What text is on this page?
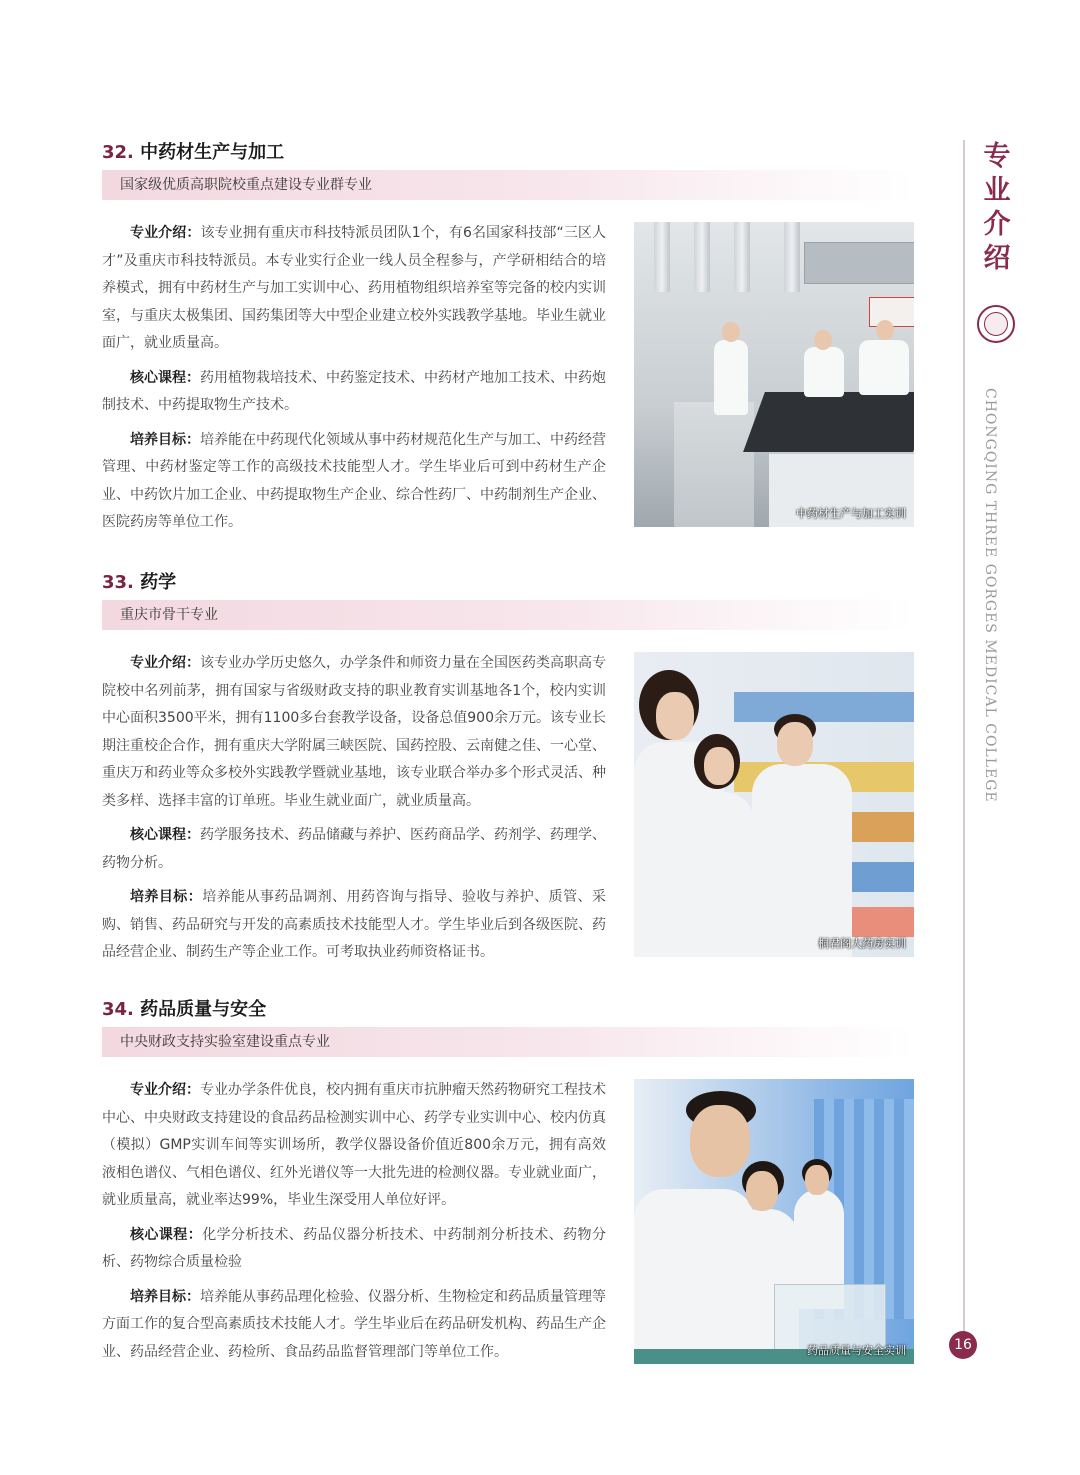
专
业
介
绍
CHONGQING THREE GORGES MEDICAL COLLEGE
16
32. 中药材生产与加工
国家级优质高职院校重点建设专业群专业

专业介绍：该专业拥有重庆市科技特派员团队1个，有6名国家科技部“三区人才”及重庆市科技特派员。本专业实行企业一线人员全程参与，产学研相结合的培养模式，拥有中药材生产与加工实训中心、药用植物组织培养室等完备的校内实训室，与重庆太极集团、国药集团等大中型企业建立校外实践教学基地。毕业生就业面广，就业质量高。

核心课程：药用植物栽培技术、中药鉴定技术、中药材产地加工技术、中药炮制技术、中药提取物生产技术。

培养目标：培养能在中药现代化领域从事中药材规范化生产与加工、中药经营管理、中药材鉴定等工作的高级技术技能型人才。学生毕业后可到中药材生产企业、中药饮片加工企业、中药提取物生产企业、综合性药厂、中药制剂生产企业、医院药房等单位工作。

中药材生产与加工实训
33. 药学
重庆市骨干专业

专业介绍：该专业办学历史悠久，办学条件和师资力量在全国医药类高职高专院校中名列前茅，拥有国家与省级财政支持的职业教育实训基地各1个，校内实训中心面积3500平米，拥有1100多台套教学设备，设备总值900余万元。该专业长期注重校企合作，拥有重庆大学附属三峡医院、国药控股、云南健之佳、一心堂、重庆万和药业等众多校外实践教学暨就业基地，该专业联合举办多个形式灵活、种类多样、选择丰富的订单班。毕业生就业面广，就业质量高。

核心课程：药学服务技术、药品储藏与养护、医药商品学、药剂学、药理学、药物分析。

培养目标：培养能从事药品调剂、用药咨询与指导、验收与养护、质管、采购、销售、药品研究与开发的高素质技术技能型人才。学生毕业后到各级医院、药品经营企业、制药生产等企业工作。可考取执业药师资格证书。

桐君阁大药房实训
34. 药品质量与安全
中央财政支持实验室建设重点专业

专业介绍：专业办学条件优良，校内拥有重庆市抗肿瘤天然药物研究工程技术中心、中央财政支持建设的食品药品检测实训中心、药学专业实训中心、校内仿真（模拟）GMP实训车间等实训场所，教学仪器设备价值近800余万元，拥有高效液相色谱仪、气相色谱仪、红外光谱仪等一大批先进的检测仪器。专业就业面广，就业质量高，就业率达99%，毕业生深受用人单位好评。

核心课程：化学分析技术、药品仪器分析技术、中药制剂分析技术、药物分析、药物综合质量检验

培养目标：培养能从事药品理化检验、仪器分析、生物检定和药品质量管理等方面工作的复合型高素质技术技能人才。学生毕业后在药品研发机构、药品生产企业、药品经营企业、药检所、食品药品监督管理部门等单位工作。	药品质量与安全实训
